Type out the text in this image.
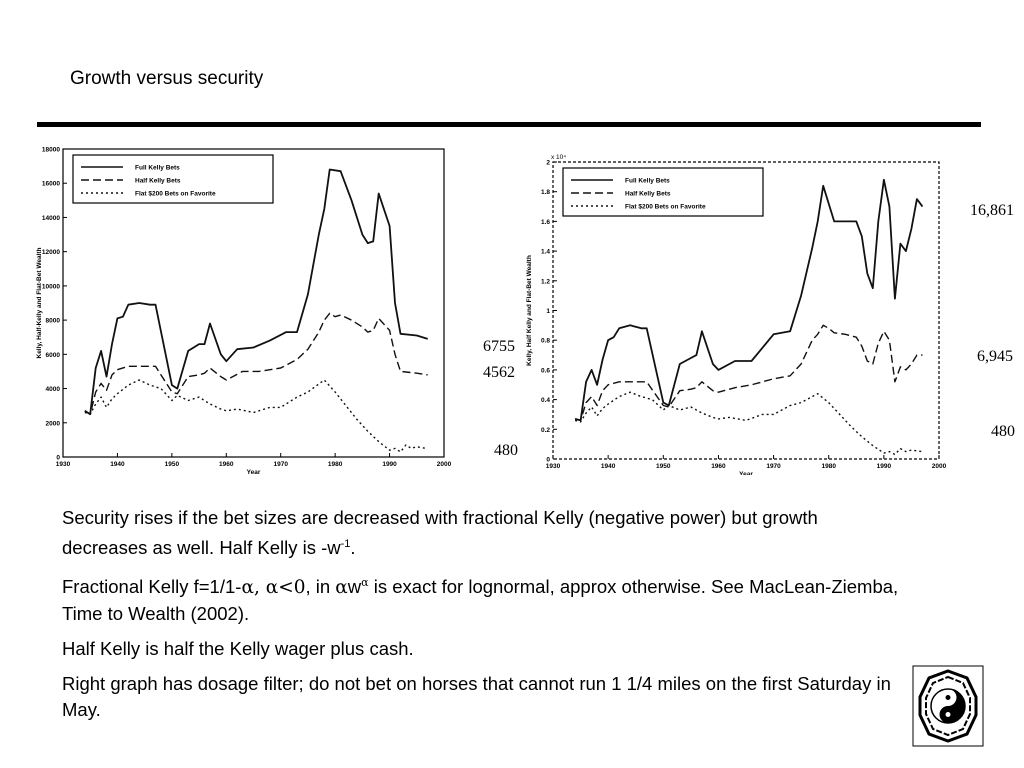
Growth versus security
0
2000
4000
6000
8000
10000
12000
14000
16000
18000
1930	1940	1950	1960	1970	1980	1990	2000
Year
Kelly, Half-Kelly and Flat-Bet Wealth
Full Kelly Bets
Half Kelly Bets
Flat $200 Bets on Favorite
0
0.2
0.4
0.6
0.8
1
1.2
1.4
1.6
1.8
2
1930	1940	1950	1960	1970	1980	1990	2000
Year
Kelly, Half Kelly and Flat-Bet Wealth
x 10⁴
Full Kelly Bets
Half Kelly Bets
Flat $200 Bets on Favorite
6755
4562
480
16,861
6,945
480

Security rises if the bet sizes are decreased with fractional Kelly (negative power) but growth decreases as well. Half Kelly is $-w^{-1}$.

Fractional Kelly f=1/1-α, α<0, in $\alpha w^\alpha$ is exact for lognormal, approx otherwise. See MacLean-Ziemba, Time to Wealth (2002).

Half Kelly is half the Kelly wager plus cash.

Right graph has dosage filter; do not bet on horses that cannot run 1 1/4 miles on the first Saturday in May.
